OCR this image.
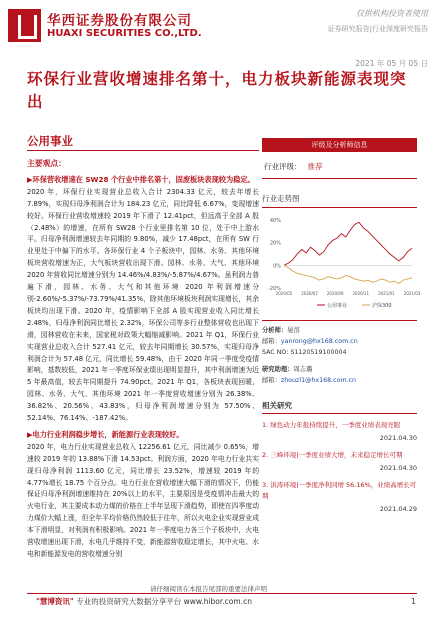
华西证券股份有限公司
HUAXI SECURITIES CO.,LTD.
仅供机构投资者使用
证券研究报告|行业深度研究报告
2021 年 05 月 05 日
环保行业营收增速排名第十，电力板块新能源表现突出
公用事业

主要观点：

▶环保营收增速在 SW28 个行业中排名第十，固废板块表现较为稳定。

2020 年，环保行业实现营业总收入合计 2304.33 亿元，较去年增长 7.89%，实现归母净利润合计为 184.23 亿元，同比降低 6.67%，变现增速较好。环保行业营收增速较 2019 年下滑了 12.41pct，但远高于全部 A 股（2.48%）的增速，在所有 SW28 个行业里排名第 10 位，处于中上游水平。归母净利润增速较去年同期的 9.80%，减少 17.48pct，在所有 SW 行业里处于中偏下的水平。各环保行业 4 个子板块中，园林、水务、其他环境板块营收增速为正，大气板块营收出现下滑。园林、水务、大气、其他环境 2020 年营收同比增速分别为 14.46%/4.83%/-5.87%/4.67%。虽利润力普遍下滑，园林、水务、大气和其他环境 2020 年利润增速分别-2.60%/-5.37%/-73.79%/41.35%，除其他环境板块利润实现增长，其余板块均出现下滑。2020 年，疫情影响下全部 A 股实现营业收入同比增长 2.48%，归母净利润同比增长 2.32%，环保公司等多行业整体营收也出现下滑，园林营收在未来，国家税对政策大幅缩减影响。2021 年 Q1，环保行业实现营业总收入合计 527.41 亿元，较去年同期增长 30.57%，实现归母净利润合计为 57.48 亿元，同比增长 59.48%，由于 2020 年同一季度受疫情影响，基数较低，2021 年一季度环保业绩出现明显提升，其中利润增速为近 5 年最高值，较去年同期提升 74.90pct。2021 年 Q1，各板块表现回暖，园林、水务、大气、其他环境 2021 年一季度营收增速分别为 26.38%、36.82%、20.56%、43.83%，归母净利润增速分别为 57.50%、52.14%、76.14%、-187.42%。

▶电力行业利润稳步增长，新能源行业表现较好。

2020 年，电力行业实现营业总收入 12256.61 亿元，同比减少 0.65%，增速较 2019 年的 13.88%下滑 14.53pct。利润方面，2020 年电力行业共实现归母净利润 1113.60 亿元，同比增长 23.52%，增速较 2019 年的 4.77%增长 18.75 个百分点。电力行业在营收增速大幅下滑的情况下，仍能保证归母净利润增速维持在 20%以上的水平，主要原因是受疫情冲击最大的火电行业，其主要成本动力煤的价格在上半年呈现下滑趋势，即使在四季度动力煤价大幅上涨，但全年平均价格仍然较低于往年，所以火电企业实现营业成本下滑明显，对利润有积极影响。2021 年一季度电力各三个子板块中，火电营收增速出现下滑，水电几乎维持不变，新能源营收稳定增长，其中火电、水电和新能源发电的营收增速分别

评级及分析师信息
行业评级： 推荐
行业走势图
40%
20%
0%
-20%
2020/05 2020/07 2020/09 2020/11 2021/01 2021/03
公用事业	沪深300
分析师：晏溶
邮箱：yanrong@hx168.com.cn
SAC NO: S1120519100004
研究助理：周志璐
邮箱：zhouzl1@hx168.com.cn
相关研究
1. 绿色动力年报持续提升，一季度业绩表现亮眼
2021.04.30
2. 三峰环境|一季度业绩大增，未来稳定增长可期
2021.04.30
3. 洪涛环境|一季度净利同增 56.16%，业绩高增长可期
2021.04.29
请仔细阅读在本报告尾部的重要法律声明
"慧博资讯" 专业的投资研究大数据分享平台 www.hibor.com.cn	1
